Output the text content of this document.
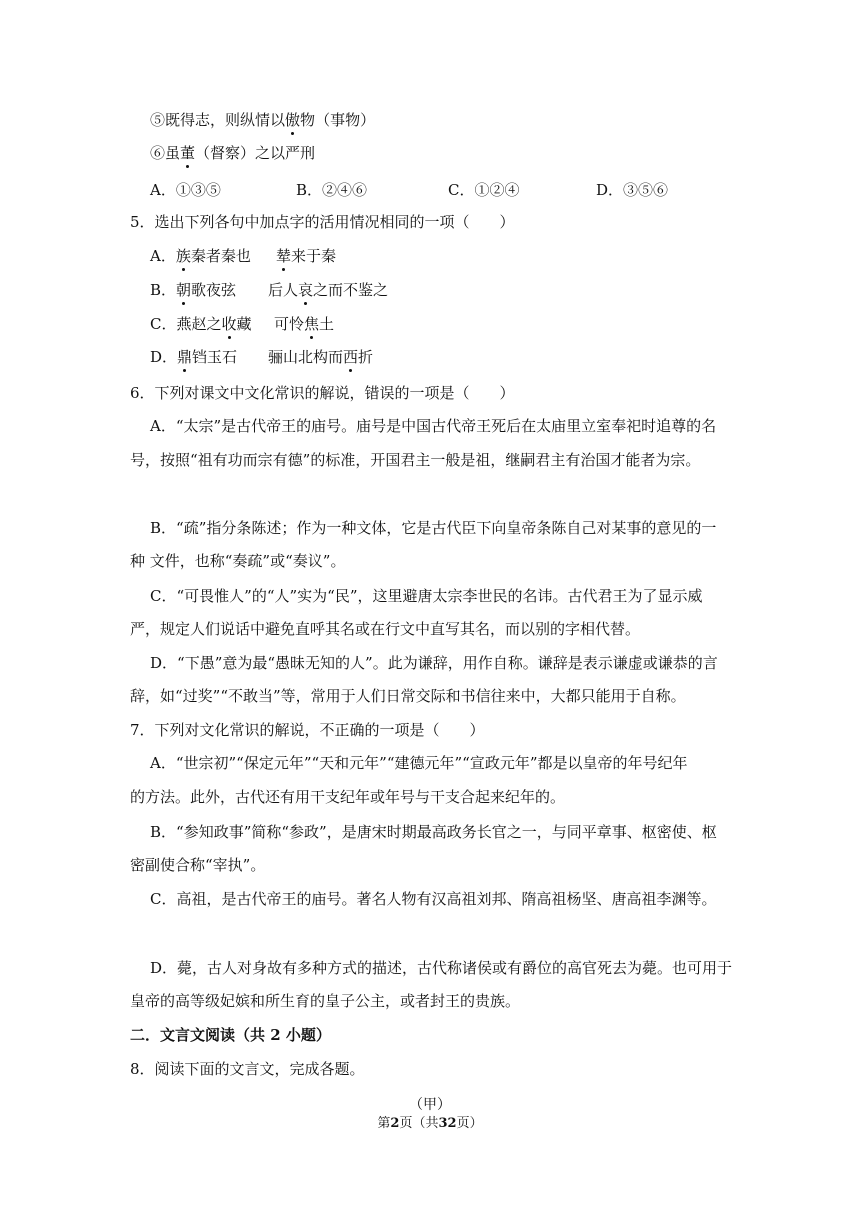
⑤既得志，则纵情以傲物（事物）
⑥虽董（督察）之以严刑
A．①③⑤	B．②④⑥	C．①②④	D．③⑤⑥
5．选出下列各句中加点字的活用情况相同的一项（　　）
A．族秦者秦也 辇来于秦
B．朝歌夜弦 后人哀之而不鉴之
C．燕赵之收藏 可怜焦土
D．鼎铛玉石 骊山北构而西折
6．下列对课文中文化常识的解说，错误的一项是（　　）
A．“太宗”是古代帝王的庙号。庙号是中国古代帝王死后在太庙里立室奉祀时追尊的名
号，按照“祖有功而宗有德”的标准，开国君主一般是祖，继嗣君主有治国才能者为宗。
B．“疏”指分条陈述；作为一种文体，它是古代臣下向皇帝条陈自己对某事的意见的一
种 文件，也称“奏疏”或“奏议”。
C．“可畏惟人”的“人”实为“民”，这里避唐太宗李世民的名讳。古代君王为了显示威
严，规定人们说话中避免直呼其名或在行文中直写其名，而以别的字相代替。
D．“下愚”意为最“愚昧无知的人”。此为谦辞，用作自称。谦辞是表示谦虚或谦恭的言
辞，如“过奖”“不敢当”等，常用于人们日常交际和书信往来中，大都只能用于自称。
7．下列对文化常识的解说，不正确的一项是（　　）
A．“世宗初”“保定元年”“天和元年”“建德元年”“宣政元年”都是以皇帝的年号纪年
的方法。此外，古代还有用干支纪年或年号与干支合起来纪年的。
B．“参知政事”简称“参政”，是唐宋时期最高政务长官之一，与同平章事、枢密使、枢
密副使合称“宰执”。
C．高祖，是古代帝王的庙号。著名人物有汉高祖刘邦、隋高祖杨坚、唐高祖李渊等。
D．薨，古人对身故有多种方式的描述，古代称诸侯或有爵位的高官死去为薨。也可用于
皇帝的高等级妃嫔和所生育的皇子公主，或者封王的贵族。
二．文言文阅读（共 2 小题）
8．阅读下面的文言文，完成各题。
（甲）
第2页（共32页）
